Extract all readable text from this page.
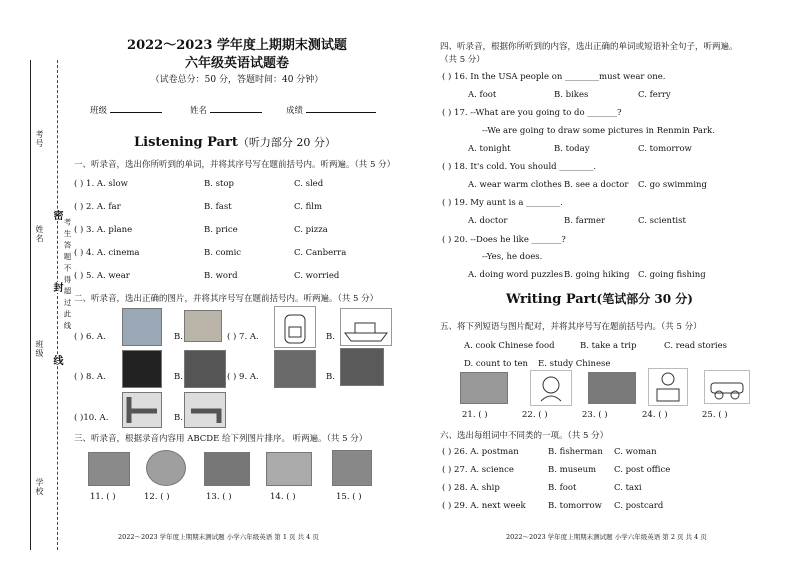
考号
姓名
班级
学校
密
封
线
考生答题不得超过此线
2022～2023 学年度上期期末测试题
六年级英语试题卷
（试卷总分：50 分，答题时间：40 分钟）
班级	姓名	成绩
Listening Part（听力部分 20 分）
一、听录音，选出你所听到的单词，并将其序号写在题前括号内。听两遍。（共 5 分）
( ) 1. A. slow	B. stop	C. sled
( ) 2. A. far	B. fast	C. film
( ) 3. A. plane	B. price	C. pizza
( ) 4. A. cinema	B. comic	C. Canberra
( ) 5. A. wear	B. word	C. worried
二、听录音，选出正确的图片，并将其序号写在题前括号内。听两遍。（共 5 分）
( ) 6. A.	B.	( ) 7. A.	B.
( ) 8. A.	B.	( ) 9. A.	B.
( )10. A.	B.
三、听录音，根据录音内容用 ABCDE 给下列图片排序。 听两遍。（共 5 分）
11. ( )	12. ( )	13. ( )	14. ( )	15. ( )
2022～2023 学年度上期期末测试题 小学六年级英语 第 1 页 共 4 页
四、听录音，根据你所听到的内容，选出正确的单词或短语补全句子，听两遍。
（共 5 分）
( ) 16. In the USA people on ________must wear one.
A. foot	B. bikes	C. ferry
( ) 17. --What are you going to do _______?
--We are going to draw some pictures in Renmin Park.
A. tonight	B. today	C. tomorrow
( ) 18. It's cold. You should ________.
A. wear warm clothes B. see a doctor C. go swimming
( ) 19. My aunt is a ________.
A. doctor	B. farmer	C. scientist
( ) 20. --Does he like _______?
--Yes, he does.
A. doing word puzzles B. going hiking C. going fishing
Writing Part(笔试部分 30 分)
五、将下列短语与图片配对，并将其序号写在题前括号内。（共 5 分）
A. cook Chinese food	B. take a trip	C. read stories
D. count to ten E. study Chinese
21. ( )	22. ( )	23. ( )	24. ( )	25. ( )
六、选出每组词中不同类的一项。（共 5 分）
( ) 26. A. postman	B. fisherman C. woman
( ) 27. A. science	B. museum C. post office
( ) 28. A. ship	B. foot	C. taxi
( ) 29. A. next week	B. tomorrow C. postcard
2022～2023 学年度上期期末测试题 小学六年级英语 第 2 页 共 4 页
